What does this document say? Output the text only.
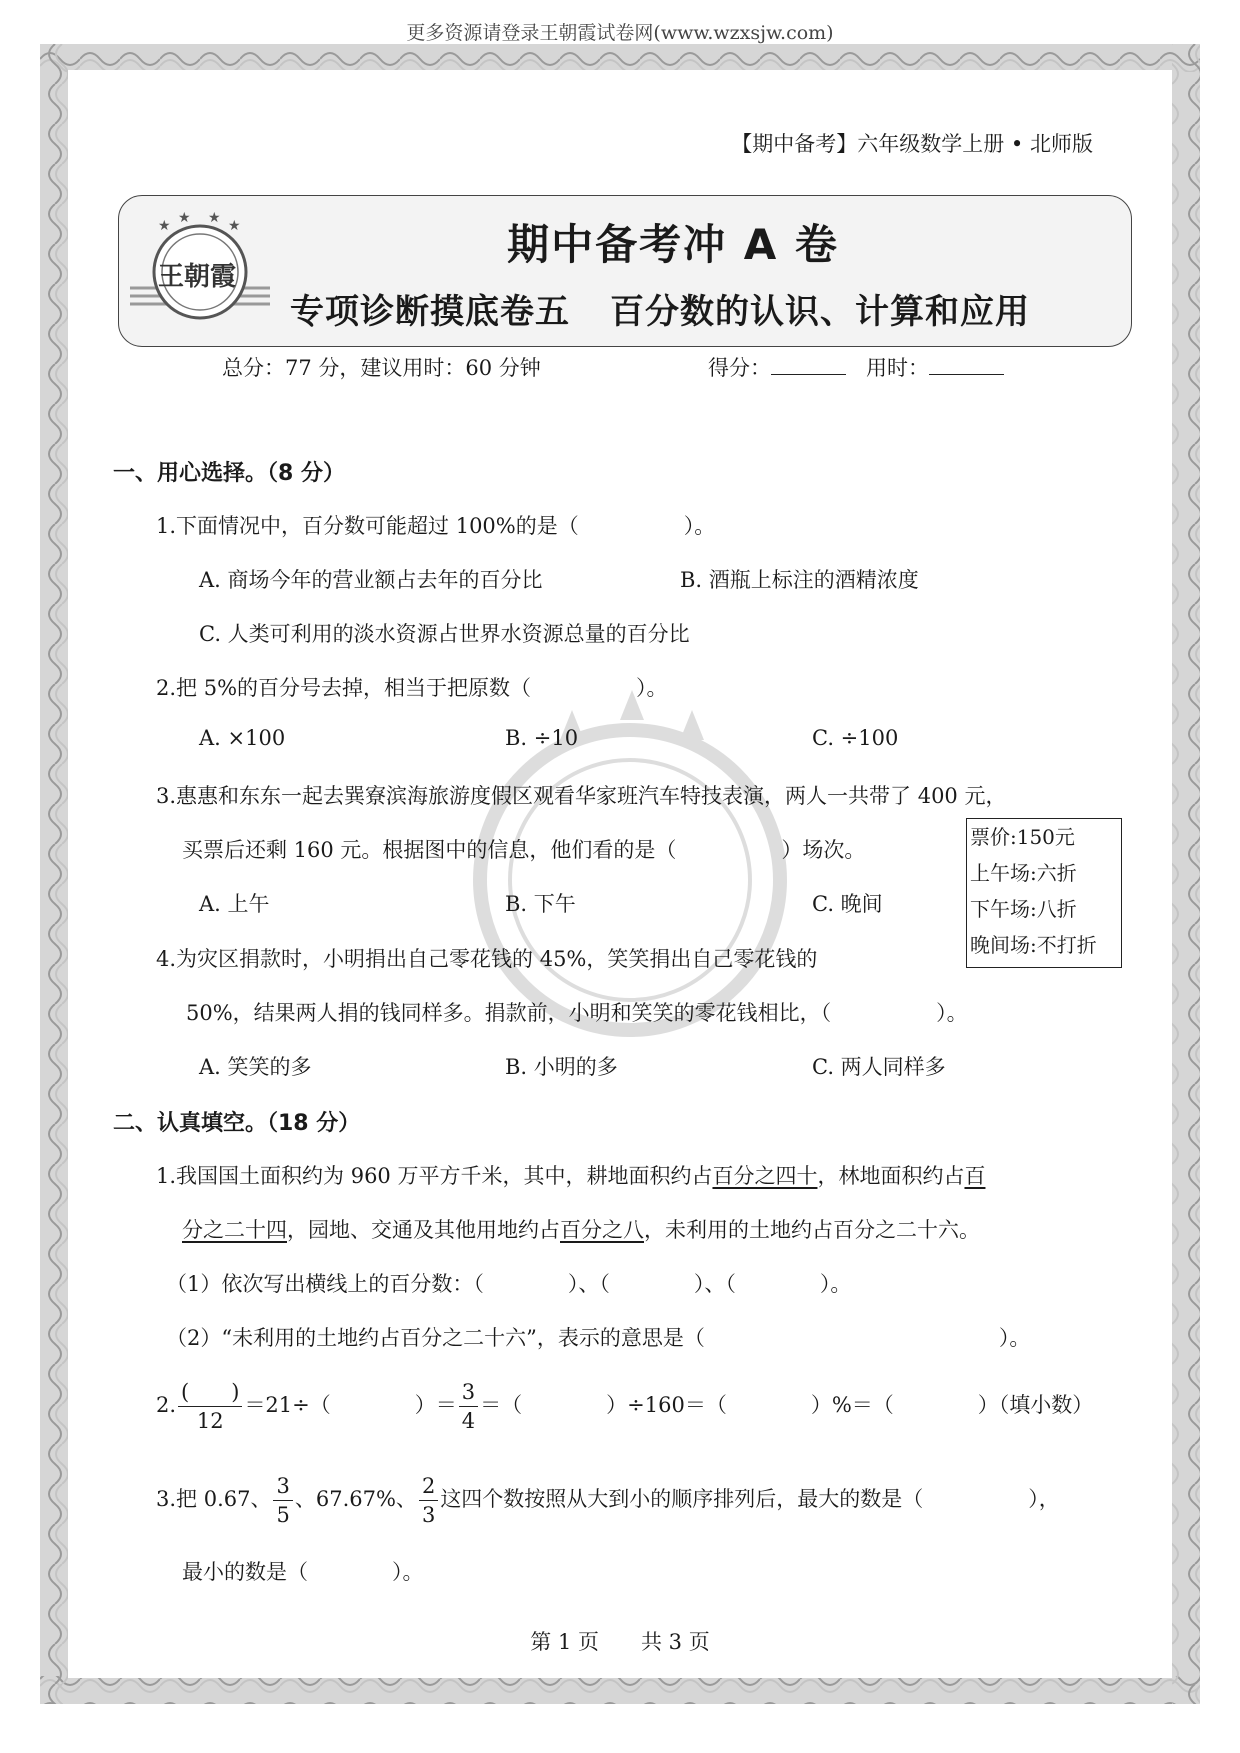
更多资源请登录王朝霞试卷网(www.wzxsjw.com)
【期中备考】六年级数学上册 • 北师版
★ ★ ★ ★
王朝霞
期中备考冲 A 卷
专项诊断摸底卷五 百分数的认识、计算和应用
总分：77 分，建议用时：60 分钟	得分：	用时：
一、用心选择。（8 分）
1.下面情况中，百分数可能超过 100%的是（　　　　　）。
A. 商场今年的营业额占去年的百分比	B. 酒瓶上标注的酒精浓度
C. 人类可利用的淡水资源占世界水资源总量的百分比
2.把 5%的百分号去掉，相当于把原数（　　　　　）。
A. ×100	B. ÷10	C. ÷100
3.惠惠和东东一起去巽寮滨海旅游度假区观看华家班汽车特技表演，两人一共带了 400 元，
买票后还剩 160 元。根据图中的信息，他们看的是（　　　　　）场次。
票价:150元
上午场:六折
下午场:八折
晚间场:不打折
A. 上午	B. 下午	C. 晚间
4.为灾区捐款时，小明捐出自己零花钱的 45%，笑笑捐出自己零花钱的
50%，结果两人捐的钱同样多。捐款前，小明和笑笑的零花钱相比，（　　　　　）。
A. 笑笑的多	B. 小明的多	C. 两人同样多
二、认真填空。（18 分）
1.我国国土面积约为 960 万平方千米，其中，耕地面积约占百分之四十，林地面积约占百
分之二十四，园地、交通及其他用地约占百分之八，未利用的土地约占百分之二十六。
（1）依次写出横线上的百分数：（　　　　）、（　　　　）、（　　　　）。
（2）“未利用的土地约占百分之二十六”，表示的意思是（　　　　　　　　　　　　　　）。
2. $\frac{( )}{12} =21\div$（　　　　）＝ $\frac{3}{4}$ ＝（　　　　）÷160＝（　　　　）%＝（　　　　）（填小数）
3.把 0.67、 $\frac{3}{5}$ 、67.67%、 $\frac{2}{3}$ 这四个数按照从大到小的顺序排列后，最大的数是（　　　　　），
最小的数是（　　　　）。
第 1 页　　共 3 页
